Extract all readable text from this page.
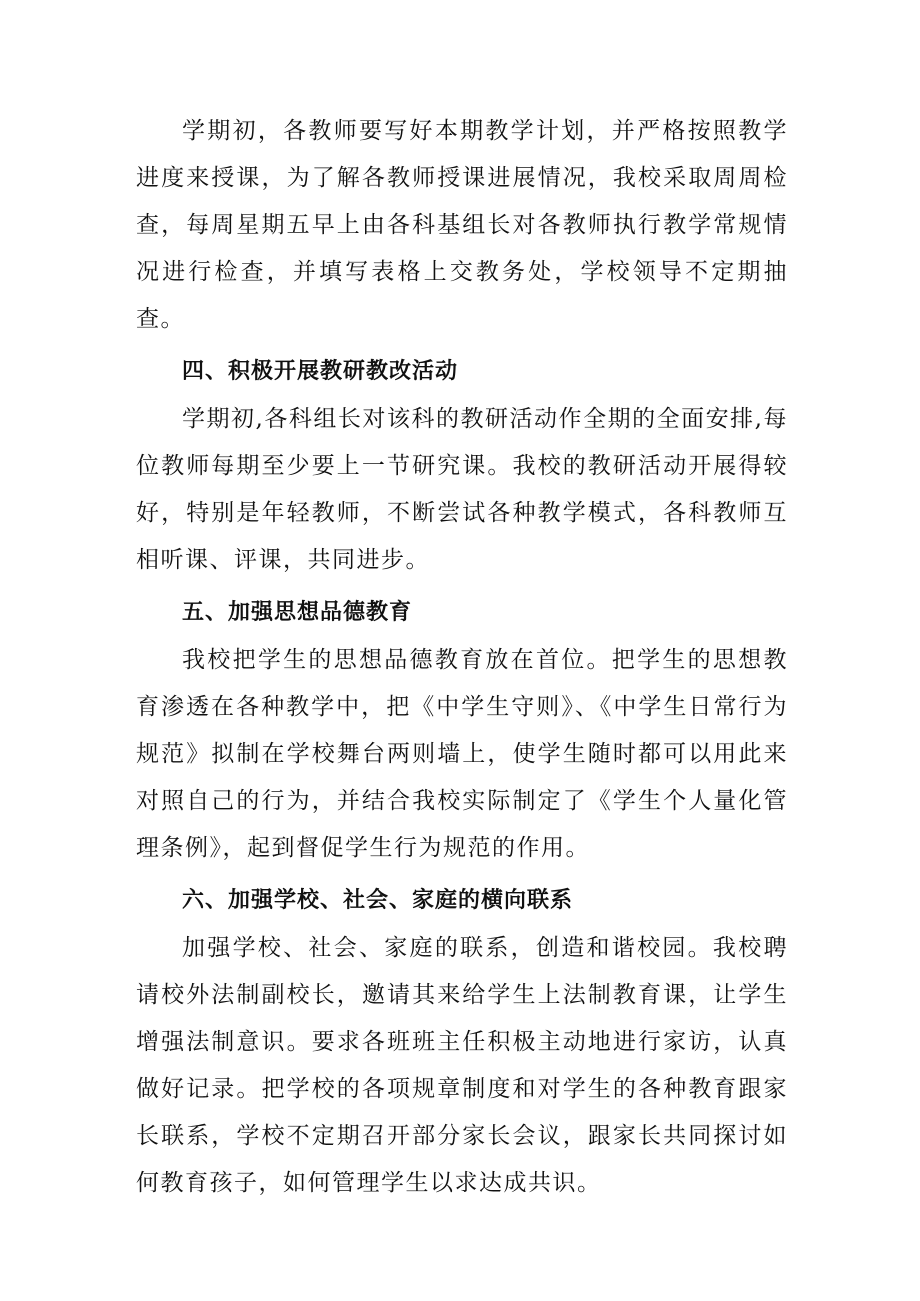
学期初，各教师要写好本期教学计划，并严格按照教学进度来授课，为了解各教师授课进展情况，我校采取周周检查，每周星期五早上由各科基组长对各教师执行教学常规情况进行检查，并填写表格上交教务处，学校领导不定期抽查。

四、积极开展教研教改活动

学期初,各科组长对该科的教研活动作全期的全面安排,每位教师每期至少要上一节研究课。我校的教研活动开展得较好，特别是年轻教师，不断尝试各种教学模式，各科教师互相听课、评课，共同进步。

五、加强思想品德教育

我校把学生的思想品德教育放在首位。把学生的思想教育渗透在各种教学中，把《中学生守则》、《中学生日常行为规范》拟制在学校舞台两则墙上，使学生随时都可以用此来对照自己的行为，并结合我校实际制定了《学生个人量化管理条例》，起到督促学生行为规范的作用。

六、加强学校、社会、家庭的横向联系

加强学校、社会、家庭的联系，创造和谐校园。我校聘请校外法制副校长，邀请其来给学生上法制教育课，让学生增强法制意识。要求各班班主任积极主动地进行家访，认真做好记录。把学校的各项规章制度和对学生的各种教育跟家长联系，学校不定期召开部分家长会议，跟家长共同探讨如何教育孩子，如何管理学生以求达成共识。
